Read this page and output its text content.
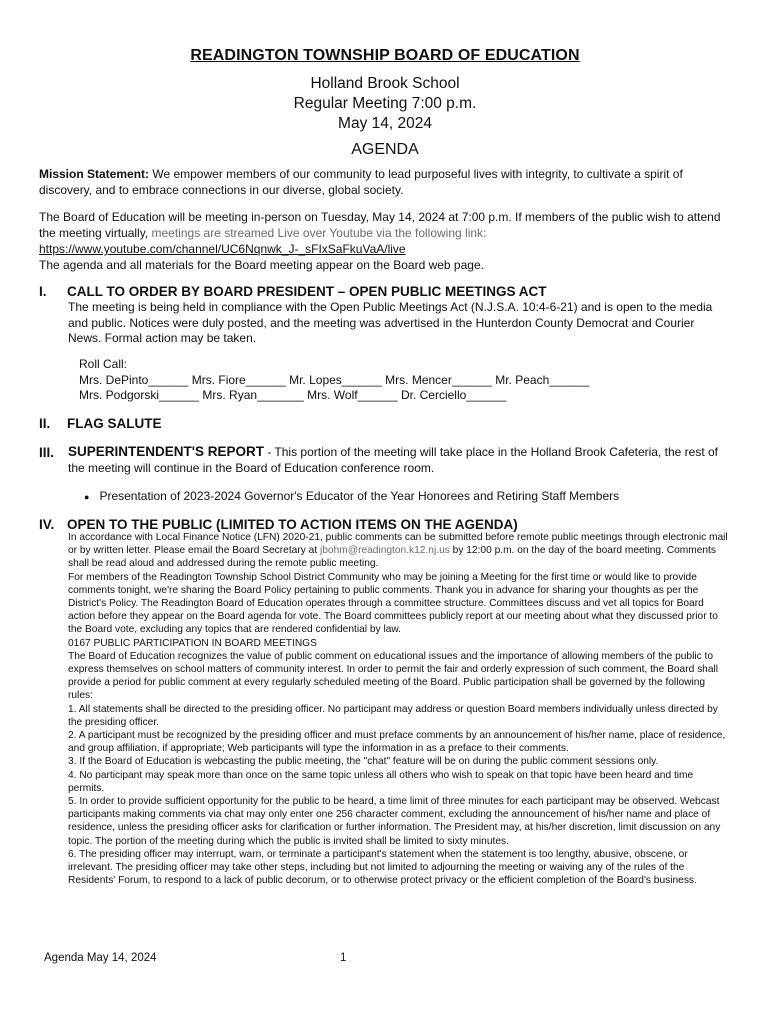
READINGTON TOWNSHIP BOARD OF EDUCATION
Holland Brook School
Regular Meeting 7:00 p.m.
May 14, 2024
AGENDA
Mission Statement: We empower members of our community to lead purposeful lives with integrity, to cultivate a spirit of discovery, and to embrace connections in our diverse, global society.
The Board of Education will be meeting in-person on Tuesday, May 14, 2024 at 7:00 p.m. If members of the public wish to attend the meeting virtually, meetings are streamed Live over Youtube via the following link:
https://www.youtube.com/channel/UC6Nqnwk_J-_sFIxSaFkuVaA/live
The agenda and all materials for the Board meeting appear on the Board web page.
I. CALL TO ORDER BY BOARD PRESIDENT – OPEN PUBLIC MEETINGS ACT
The meeting is being held in compliance with the Open Public Meetings Act (N.J.S.A. 10:4-6-21) and is open to the media and public. Notices were duly posted, and the meeting was advertised in the Hunterdon County Democrat and Courier News. Formal action may be taken.
Roll Call:
Mrs. DePinto______ Mrs. Fiore______ Mr. Lopes______ Mrs. Mencer______ Mr. Peach______
Mrs. Podgorski______ Mrs. Ryan_______ Mrs. Wolf______ Dr. Cerciello______
II. FLAG SALUTE
III. SUPERINTENDENT'S REPORT - This portion of the meeting will take place in the Holland Brook Cafeteria, the rest of the meeting will continue in the Board of Education conference room.
● Presentation of 2023-2024 Governor's Educator of the Year Honorees and Retiring Staff Members
IV. OPEN TO THE PUBLIC (LIMITED TO ACTION ITEMS ON THE AGENDA)
In accordance with Local Finance Notice (LFN) 2020-21, public comments can be submitted before remote public meetings through electronic mail or by written letter. Please email the Board Secretary at jbohm@readington.k12.nj.us by 12:00 p.m. on the day of the board meeting. Comments shall be read aloud and addressed during the remote public meeting.
For members of the Readington Township School District Community who may be joining a Meeting for the first time or would like to provide comments tonight, we're sharing the Board Policy pertaining to public comments. Thank you in advance for sharing your thoughts as per the District's Policy. The Readington Board of Education operates through a committee structure. Committees discuss and vet all topics for Board action before they appear on the Board agenda for vote. The Board committees publicly report at our meeting about what they discussed prior to the Board vote, excluding any topics that are rendered confidential by law.
0167 PUBLIC PARTICIPATION IN BOARD MEETINGS
The Board of Education recognizes the value of public comment on educational issues and the importance of allowing members of the public to express themselves on school matters of community interest. In order to permit the fair and orderly expression of such comment, the Board shall provide a period for public comment at every regularly scheduled meeting of the Board. Public participation shall be governed by the following rules:
1. All statements shall be directed to the presiding officer. No participant may address or question Board members individually unless directed by the presiding officer.
2. A participant must be recognized by the presiding officer and must preface comments by an announcement of his/her name, place of residence, and group affiliation, if appropriate; Web participants will type the information in as a preface to their comments.
3. If the Board of Education is webcasting the public meeting, the "chat" feature will be on during the public comment sessions only.
4. No participant may speak more than once on the same topic unless all others who wish to speak on that topic have been heard and time permits.
5. In order to provide sufficient opportunity for the public to be heard, a time limit of three minutes for each participant may be observed. Webcast participants making comments via chat may only enter one 256 character comment, excluding the announcement of his/her name and place of residence, unless the presiding officer asks for clarification or further information. The President may, at his/her discretion, limit discussion on any topic. The portion of the meeting during which the public is invited shall be limited to sixty minutes.
6. The presiding officer may interrupt, warn, or terminate a participant's statement when the statement is too lengthy, abusive, obscene, or irrelevant. The presiding officer may take other steps, including but not limited to adjourning the meeting or waiving any of the rules of the Residents' Forum, to respond to a lack of public decorum, or to otherwise protect privacy or the efficient completion of the Board's business.
Agenda May 14, 2024	1
